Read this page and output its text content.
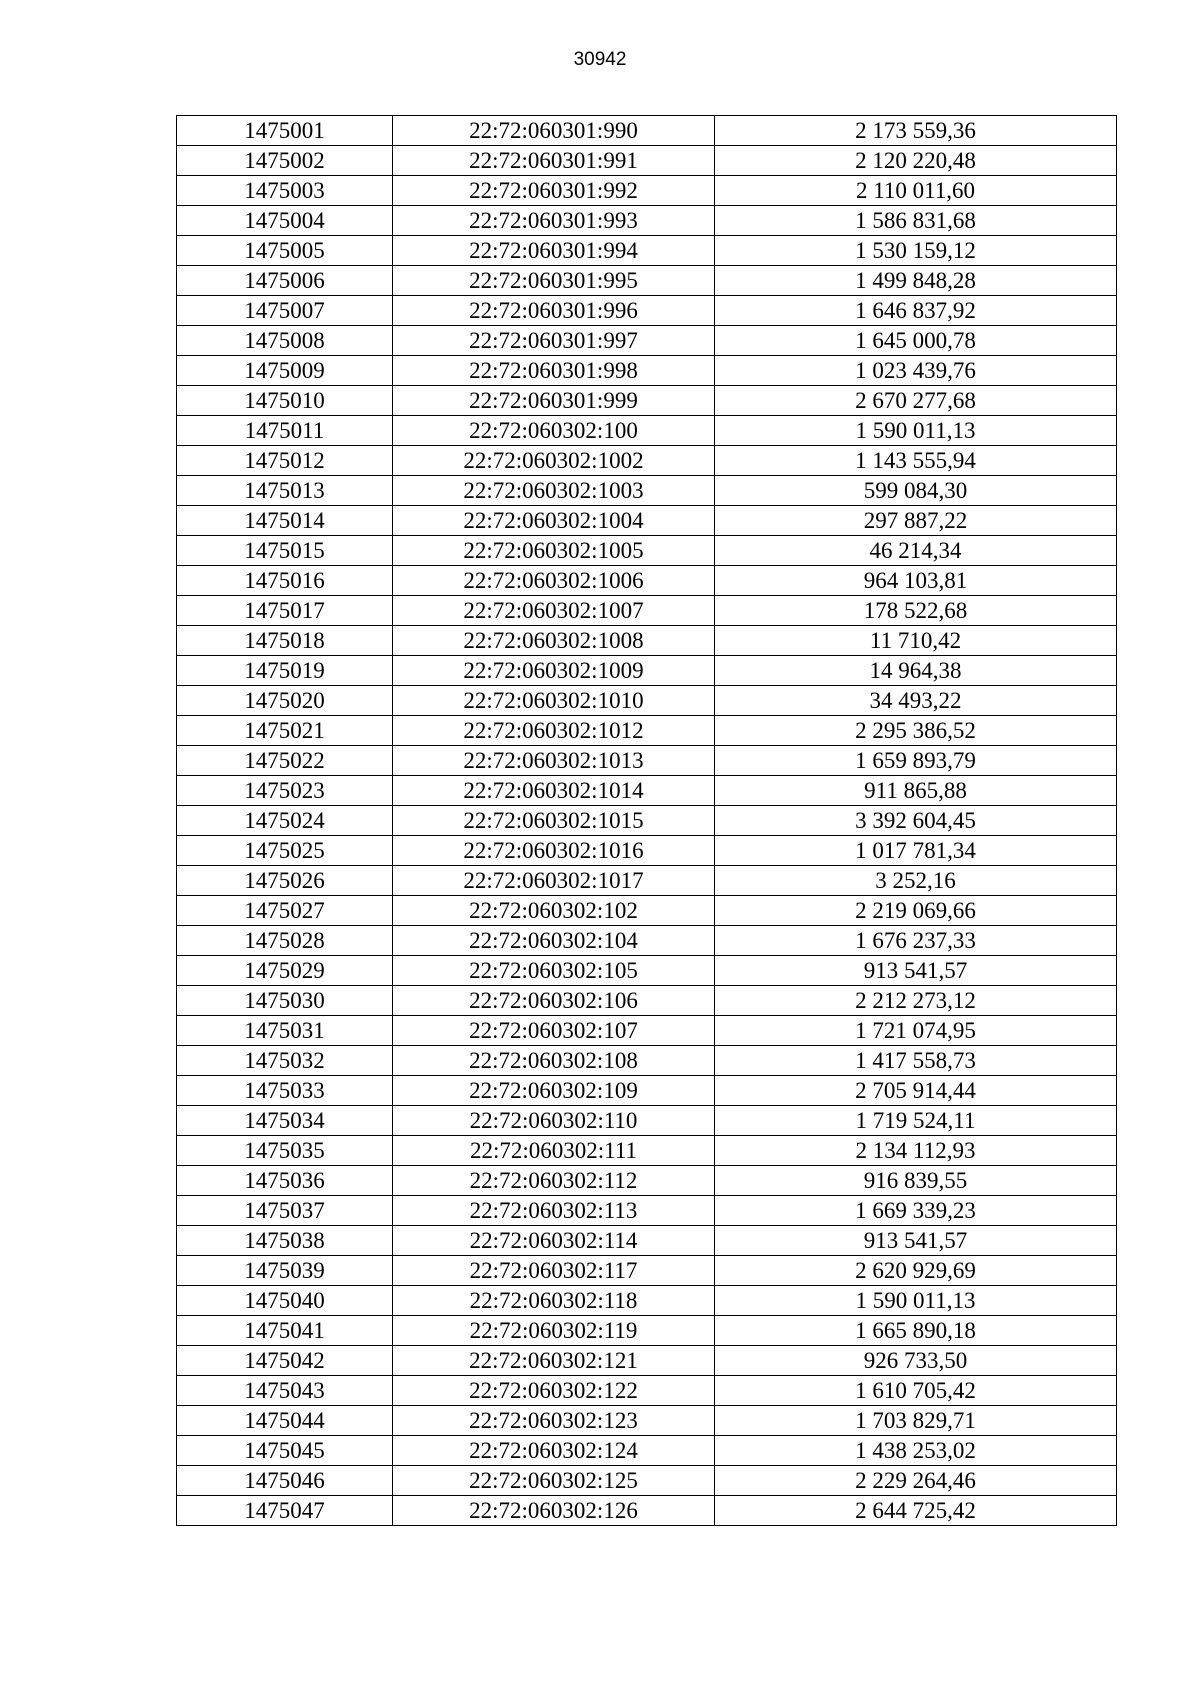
30942
1475001	22:72:060301:990	2 173 559,36
1475002	22:72:060301:991	2 120 220,48
1475003	22:72:060301:992	2 110 011,60
1475004	22:72:060301:993	1 586 831,68
1475005	22:72:060301:994	1 530 159,12
1475006	22:72:060301:995	1 499 848,28
1475007	22:72:060301:996	1 646 837,92
1475008	22:72:060301:997	1 645 000,78
1475009	22:72:060301:998	1 023 439,76
1475010	22:72:060301:999	2 670 277,68
1475011	22:72:060302:100	1 590 011,13
1475012	22:72:060302:1002	1 143 555,94
1475013	22:72:060302:1003	599 084,30
1475014	22:72:060302:1004	297 887,22
1475015	22:72:060302:1005	46 214,34
1475016	22:72:060302:1006	964 103,81
1475017	22:72:060302:1007	178 522,68
1475018	22:72:060302:1008	11 710,42
1475019	22:72:060302:1009	14 964,38
1475020	22:72:060302:1010	34 493,22
1475021	22:72:060302:1012	2 295 386,52
1475022	22:72:060302:1013	1 659 893,79
1475023	22:72:060302:1014	911 865,88
1475024	22:72:060302:1015	3 392 604,45
1475025	22:72:060302:1016	1 017 781,34
1475026	22:72:060302:1017	3 252,16
1475027	22:72:060302:102	2 219 069,66
1475028	22:72:060302:104	1 676 237,33
1475029	22:72:060302:105	913 541,57
1475030	22:72:060302:106	2 212 273,12
1475031	22:72:060302:107	1 721 074,95
1475032	22:72:060302:108	1 417 558,73
1475033	22:72:060302:109	2 705 914,44
1475034	22:72:060302:110	1 719 524,11
1475035	22:72:060302:111	2 134 112,93
1475036	22:72:060302:112	916 839,55
1475037	22:72:060302:113	1 669 339,23
1475038	22:72:060302:114	913 541,57
1475039	22:72:060302:117	2 620 929,69
1475040	22:72:060302:118	1 590 011,13
1475041	22:72:060302:119	1 665 890,18
1475042	22:72:060302:121	926 733,50
1475043	22:72:060302:122	1 610 705,42
1475044	22:72:060302:123	1 703 829,71
1475045	22:72:060302:124	1 438 253,02
1475046	22:72:060302:125	2 229 264,46
1475047	22:72:060302:126	2 644 725,42
